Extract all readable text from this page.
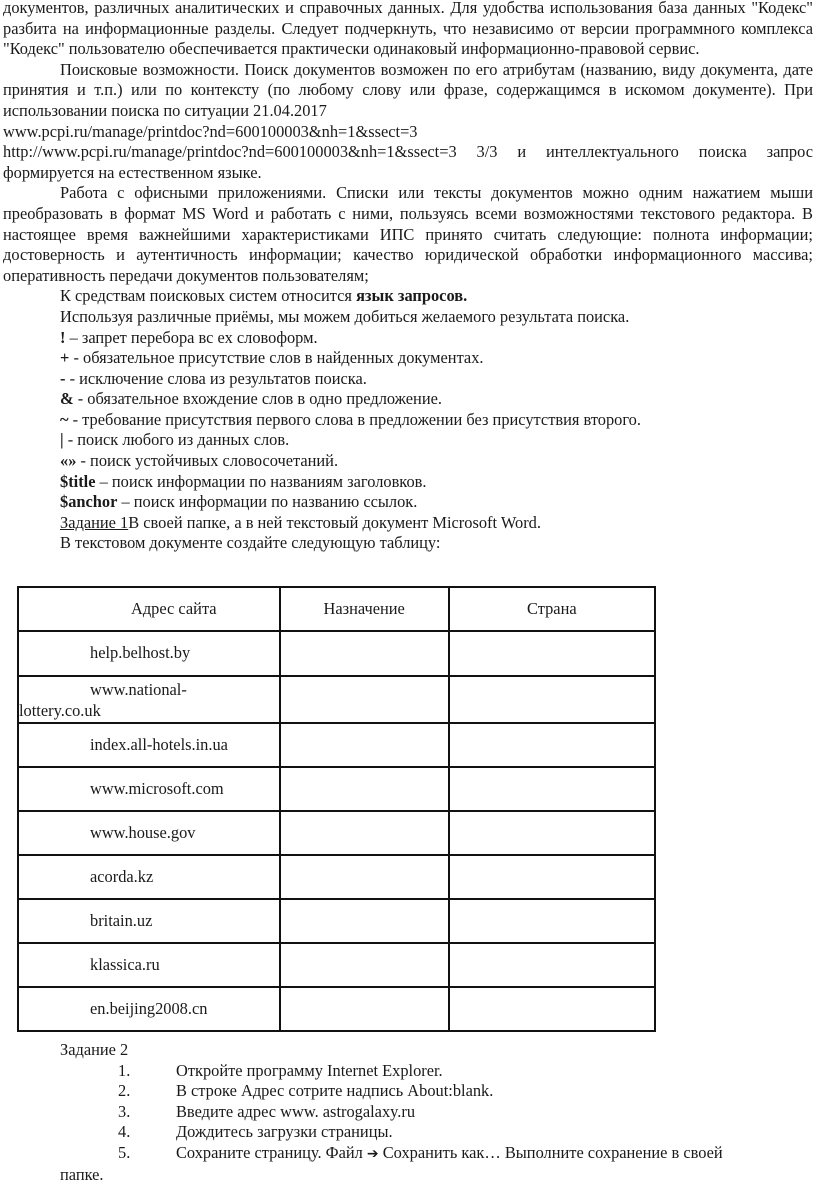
документов, различных аналитических и справочных данных. Для удобства использования база данных "Кодекс" разбита на информационные разделы. Следует подчеркнуть, что независимо от версии программного комплекса "Кодекс" пользователю обеспечивается практически одинаковый информационно-правовой сервис.

Поисковые возможности. Поиск документов возможен по его атрибутам (названию, виду документа, дате принятия и т.п.) или по контексту (по любому слову или фразе, содержащимся в искомом документе). При использовании поиска по ситуации 21.04.2017

www.pcpi.ru/manage/printdoc?nd=600100003&nh=1&ssect=3

http://www.pcpi.ru/manage/printdoc?nd=600100003&nh=1&ssect=3 3/3 и интеллектуального поиска запрос формируется на естественном языке.

Работа с офисными приложениями. Списки или тексты документов можно одним нажатием мыши преобразовать в формат MS Word и работать с ними, пользуясь всеми возможностями текстового редактора. В настоящее время важнейшими характеристиками ИПС принято считать следующие: полнота информации; достоверность и аутентичность информации; качество юридической обработки информационного массива; оперативность передачи документов пользователям;

К средствам поисковых систем относится язык запросов.

Используя различные приёмы, мы можем добиться желаемого результата поиска.

! – запрет перебора вс ех словоформ.

+ - обязательное присутствие слов в найденных документах.

- - исключение слова из результатов поиска.

& - обязательное вхождение слов в одно предложение.

~ - требование присутствия первого слова в предложении без присутствия второго.

| - поиск любого из данных слов.

«» - поиск устойчивых словосочетаний.

$title – поиск информации по названиям заголовков.

$anchor – поиск информации по названию ссылок.

Задание 1В своей папке, а в ней текстовый документ Microsoft Word.

В текстовом документе создайте следующую таблицу:

Адрес сайта	Назначение	Страна
help.belhost.by		
www.national-
lottery.co.uk		
index.all-hotels.in.ua		
www.microsoft.com		
www.house.gov		
acorda.kz		
britain.uz		
klassica.ru		
en.beijing2008.cn		

Задание 2

1.	Откройте программу Internet Explorer.
2.	В строке Адрес сотрите надпись About:blank.
3.	Введите адрес www. astrogalaxy.ru
4.	Дождитесь загрузки страницы.
5.	Сохраните страницу. Файл ➔ Сохранить как… Выполните сохранение в своей

папке.
